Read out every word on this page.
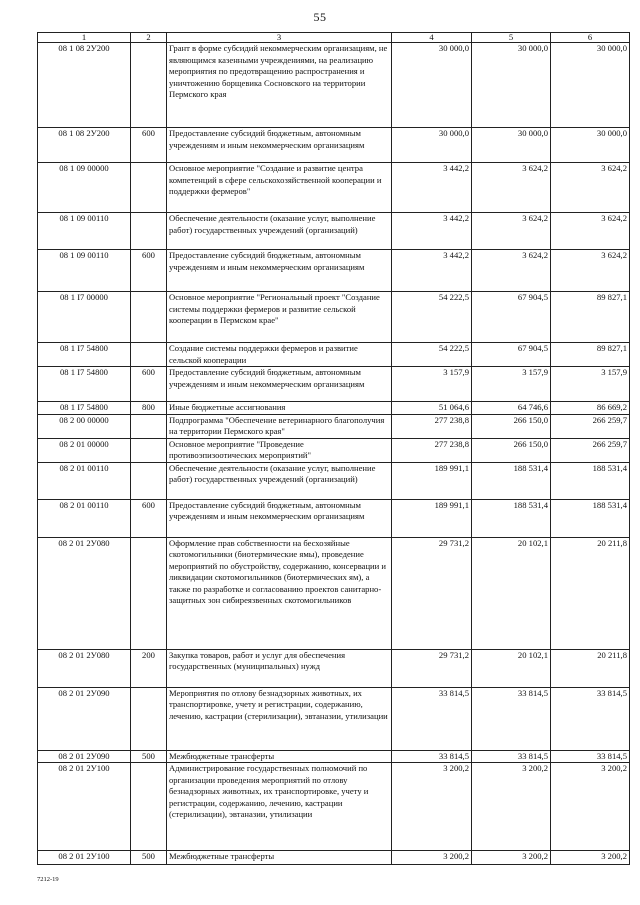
55
1	2	3	4	5	6
08 1 08 2У200		Грант в форме субсидий некоммерческим организациям, не являющимся казенными учреждениями, на реализацию мероприятия по предотвращению распространения и уничтожению борщевика Сосновского на территории Пермского края	30 000,0	30 000,0	30 000,0
08 1 08 2У200	600	Предоставление субсидий бюджетным, автономным учреждениям и иным некоммерческим организациям	30 000,0	30 000,0	30 000,0
08 1 09 00000		Основное мероприятие "Создание и развитие центра компетенций в сфере сельскохозяйственной кооперации и поддержки фермеров"	3 442,2	3 624,2	3 624,2
08 1 09 00110		Обеспечение деятельности (оказание услуг, выполнение работ) государственных учреждений (организаций)	3 442,2	3 624,2	3 624,2
08 1 09 00110	600	Предоставление субсидий бюджетным, автономным учреждениям и иным некоммерческим организациям	3 442,2	3 624,2	3 624,2
08 1 I7 00000		Основное мероприятие "Региональный проект "Создание системы поддержки фермеров и развитие сельской кооперации в Пермском крае"	54 222,5	67 904,5	89 827,1
08 1 I7 54800		Создание системы поддержки фермеров и развитие сельской кооперации	54 222,5	67 904,5	89 827,1
08 1 I7 54800	600	Предоставление субсидий бюджетным, автономным учреждениям и иным некоммерческим организациям	3 157,9	3 157,9	3 157,9
08 1 I7 54800	800	Иные бюджетные ассигнования	51 064,6	64 746,6	86 669,2
08 2 00 00000		Подпрограмма "Обеспечение ветеринарного благополучия на территории Пермского края"	277 238,8	266 150,0	266 259,7
08 2 01 00000		Основное мероприятие "Проведение противоэпизоотических мероприятий"	277 238,8	266 150,0	266 259,7
08 2 01 00110		Обеспечение деятельности (оказание услуг, выполнение работ) государственных учреждений (организаций)	189 991,1	188 531,4	188 531,4
08 2 01 00110	600	Предоставление субсидий бюджетным, автономным учреждениям и иным некоммерческим организациям	189 991,1	188 531,4	188 531,4
08 2 01 2У080		Оформление прав собственности на бесхозяйные скотомогильники (биотермические ямы), проведение мероприятий по обустройству, содержанию, консервации и ликвидации скотомогильников (биотермических ям), а также по разработке и согласованию проектов санитарно-защитных зон сибиреязвенных скотомогильников	29 731,2	20 102,1	20 211,8
08 2 01 2У080	200	Закупка товаров, работ и услуг для обеспечения государственных (муниципальных) нужд	29 731,2	20 102,1	20 211,8
08 2 01 2У090		Мероприятия по отлову безнадзорных животных, их транспортировке, учету и регистрации, содержанию, лечению, кастрации (стерилизации), эвтаназии, утилизации	33 814,5	33 814,5	33 814,5
08 2 01 2У090	500	Межбюджетные трансферты	33 814,5	33 814,5	33 814,5
08 2 01 2У100		Администрирование государственных полномочий по организации проведения мероприятий по отлову безнадзорных животных, их транспортировке, учету и регистрации, содержанию, лечению, кастрации (стерилизации), эвтаназии, утилизации	3 200,2	3 200,2	3 200,2
08 2 01 2У100	500	Межбюджетные трансферты	3 200,2	3 200,2	3 200,2
7212-19
